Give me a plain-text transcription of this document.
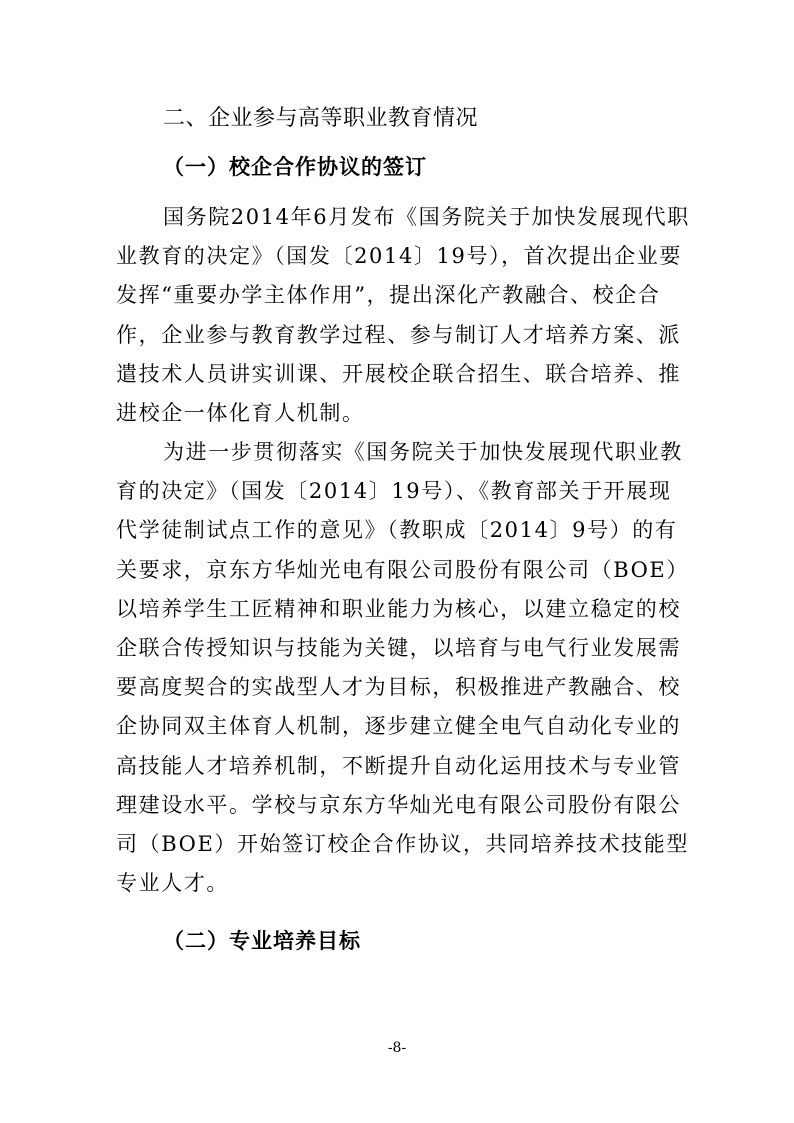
二、企业参与高等职业教育情况
（一）校企合作协议的签订
国务院2014年6月发布《国务院关于加快发展现代职
业教育的决定》（国发〔2014〕19号），首次提出企业要
发挥“重要办学主体作用”，提出深化产教融合、校企合
作，企业参与教育教学过程、参与制订人才培养方案、派
遣技术人员讲实训课、开展校企联合招生、联合培养、推
进校企一体化育人机制。
为进一步贯彻落实《国务院关于加快发展现代职业教
育的决定》（国发〔2014〕19号）、《教育部关于开展现
代学徒制试点工作的意见》（教职成〔2014〕9号）的有
关要求，京东方华灿光电有限公司股份有限公司（BOE）
以培养学生工匠精神和职业能力为核心，以建立稳定的校
企联合传授知识与技能为关键，以培育与电气行业发展需
要高度契合的实战型人才为目标，积极推进产教融合、校
企协同双主体育人机制，逐步建立健全电气自动化专业的
高技能人才培养机制，不断提升自动化运用技术与专业管
理建设水平。学校与京东方华灿光电有限公司股份有限公
司（BOE）开始签订校企合作协议，共同培养技术技能型
专业人才。
（二）专业培养目标
-8-
